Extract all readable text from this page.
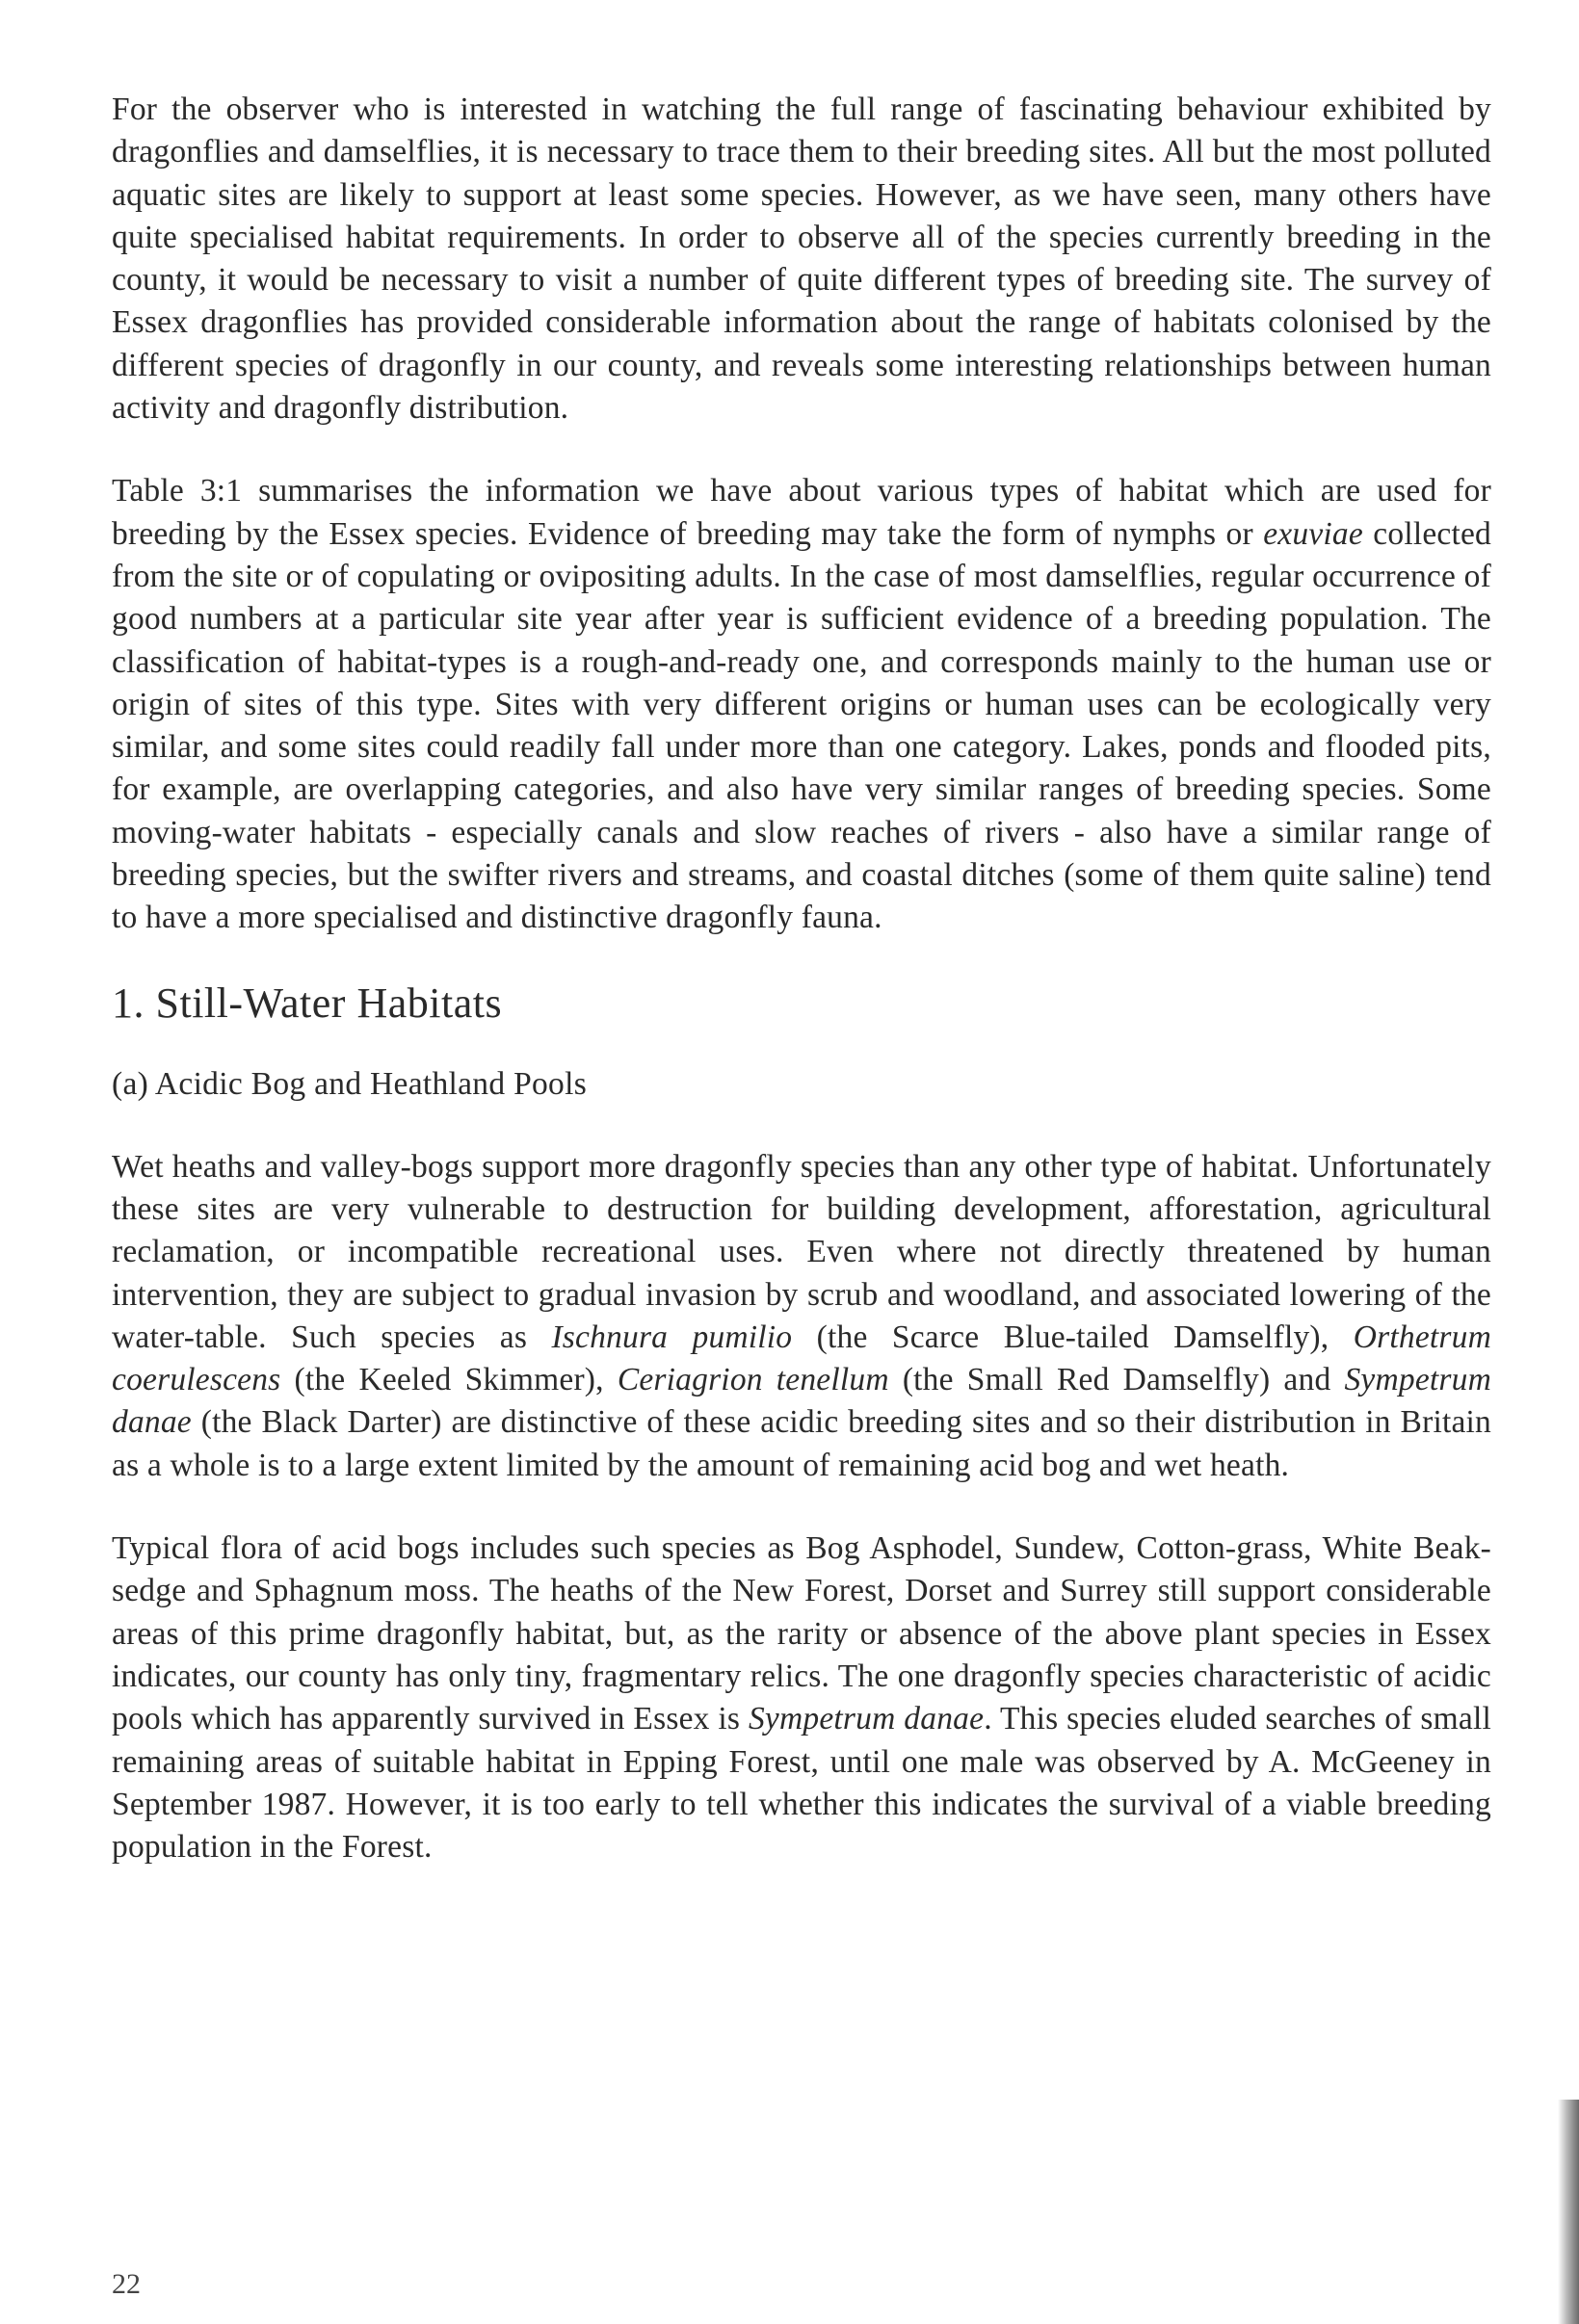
For the observer who is interested in watching the full range of fascinating behaviour exhibited by dragonflies and damselflies, it is necessary to trace them to their breeding sites. All but the most polluted aquatic sites are likely to support at least some species. However, as we have seen, many others have quite specialised habitat requirements. In order to observe all of the species currently breeding in the county, it would be necessary to visit a number of quite different types of breeding site. The survey of Essex dragonflies has provided considerable information about the range of habitats colonised by the different species of dragonfly in our county, and reveals some interesting relationships between human activity and dragonfly distribution.

Table 3:1 summarises the information we have about various types of habitat which are used for breeding by the Essex species. Evidence of breeding may take the form of nymphs or exuviae collected from the site or of copulating or ovipositing adults. In the case of most damselflies, regular occurrence of good numbers at a particular site year after year is sufficient evidence of a breeding population. The classification of habitat-types is a rough-and-ready one, and corresponds mainly to the human use or origin of sites of this type. Sites with very different origins or human uses can be ecologically very similar, and some sites could readily fall under more than one category. Lakes, ponds and flooded pits, for example, are overlapping categories, and also have very similar ranges of breeding species. Some moving-water habitats - especially canals and slow reaches of rivers - also have a similar range of breeding species, but the swifter rivers and streams, and coastal ditches (some of them quite saline) tend to have a more specialised and distinctive dragonfly fauna.

1. Still-Water Habitats
(a) Acidic Bog and Heathland Pools

Wet heaths and valley-bogs support more dragonfly species than any other type of habitat. Unfortunately these sites are very vulnerable to destruction for building development, afforestation, agricultural reclamation, or incompatible recreational uses. Even where not directly threatened by human intervention, they are subject to gradual invasion by scrub and woodland, and associated lowering of the water-table. Such species as Ischnura pumilio (the Scarce Blue-tailed Damselfly), Orthetrum coerulescens (the Keeled Skimmer), Ceriagrion tenellum (the Small Red Damselfly) and Sympetrum danae (the Black Darter) are distinctive of these acidic breeding sites and so their distribution in Britain as a whole is to a large extent limited by the amount of remaining acid bog and wet heath.

Typical flora of acid bogs includes such species as Bog Asphodel, Sundew, Cotton-grass, White Beak-sedge and Sphagnum moss. The heaths of the New Forest, Dorset and Surrey still support considerable areas of this prime dragonfly habitat, but, as the rarity or absence of the above plant species in Essex indicates, our county has only tiny, fragmentary relics. The one dragonfly species characteristic of acidic pools which has apparently survived in Essex is Sympetrum danae. This species eluded searches of small remaining areas of suitable habitat in Epping Forest, until one male was observed by A. McGeeney in September 1987. However, it is too early to tell whether this indicates the survival of a viable breeding population in the Forest.

22
